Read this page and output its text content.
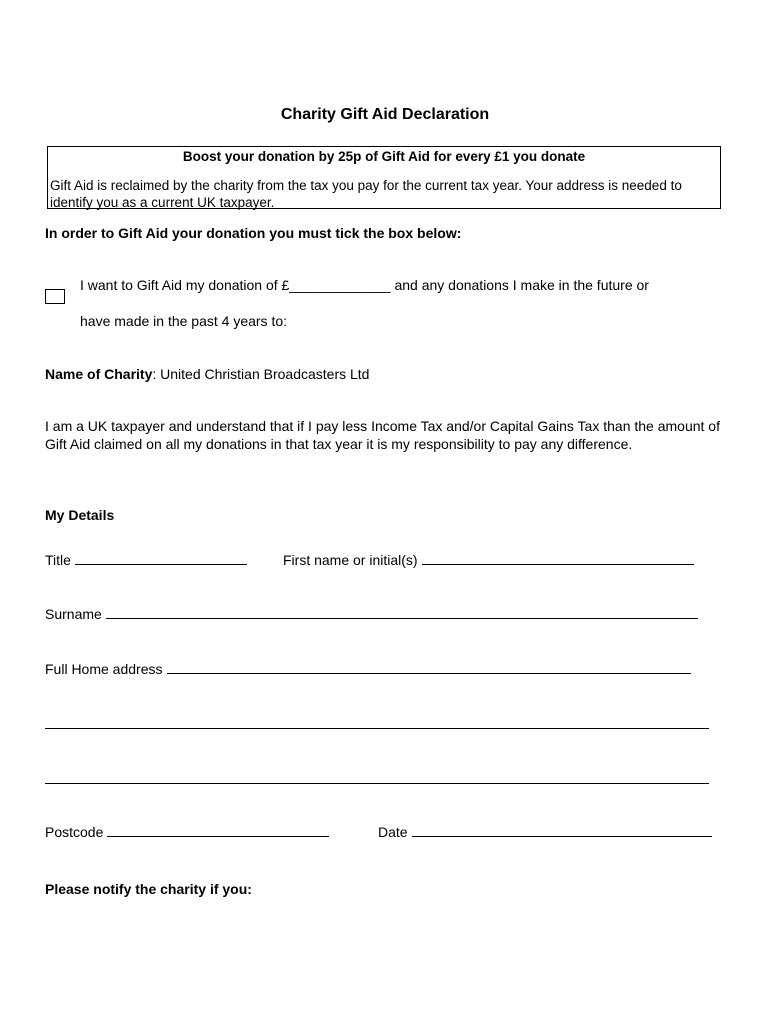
Charity Gift Aid Declaration
Boost your donation by 25p of Gift Aid for every £1 you donate
Gift Aid is reclaimed by the charity from the tax you pay for the current tax year. Your address is needed to identify you as a current UK taxpayer.
In order to Gift Aid your donation you must tick the box below:
I want to Gift Aid my donation of £_____________ and any donations I make in the future or
have made in the past 4 years to:
Name of Charity: United Christian Broadcasters Ltd
I am a UK taxpayer and understand that if I pay less Income Tax and/or Capital Gains Tax than the amount of Gift Aid claimed on all my donations in that tax year it is my responsibility to pay any difference.
My Details
Title	First name or initial(s)
Surname
Full Home address
Postcode	Date
Please notify the charity if you:
